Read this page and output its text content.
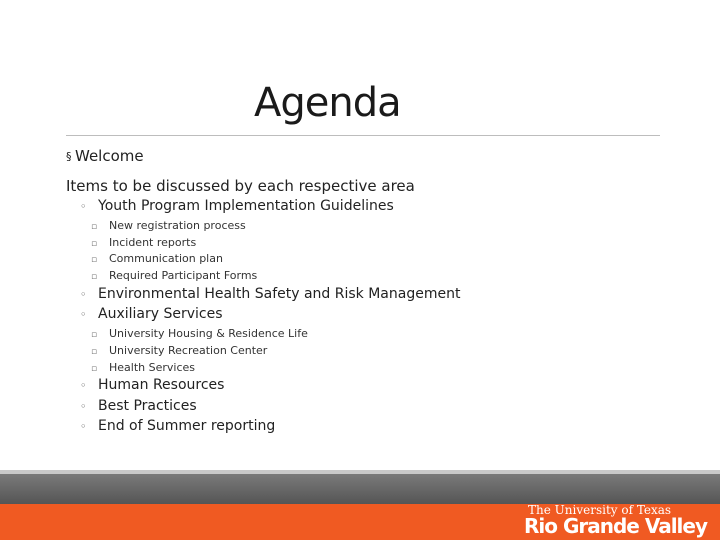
Agenda
§ Welcome
Items to be discussed by each respective area
◦ Youth Program Implementation Guidelines
▫ New registration process
▫ Incident reports
▫ Communication plan
▫ Required Participant Forms
◦ Environmental Health Safety and Risk Management
◦ Auxiliary Services
▫ University Housing & Residence Life
▫ University Recreation Center
▫ Health Services
◦ Human Resources
◦ Best Practices
◦ End of Summer reporting
The University of Texas
Rio Grande Valley
